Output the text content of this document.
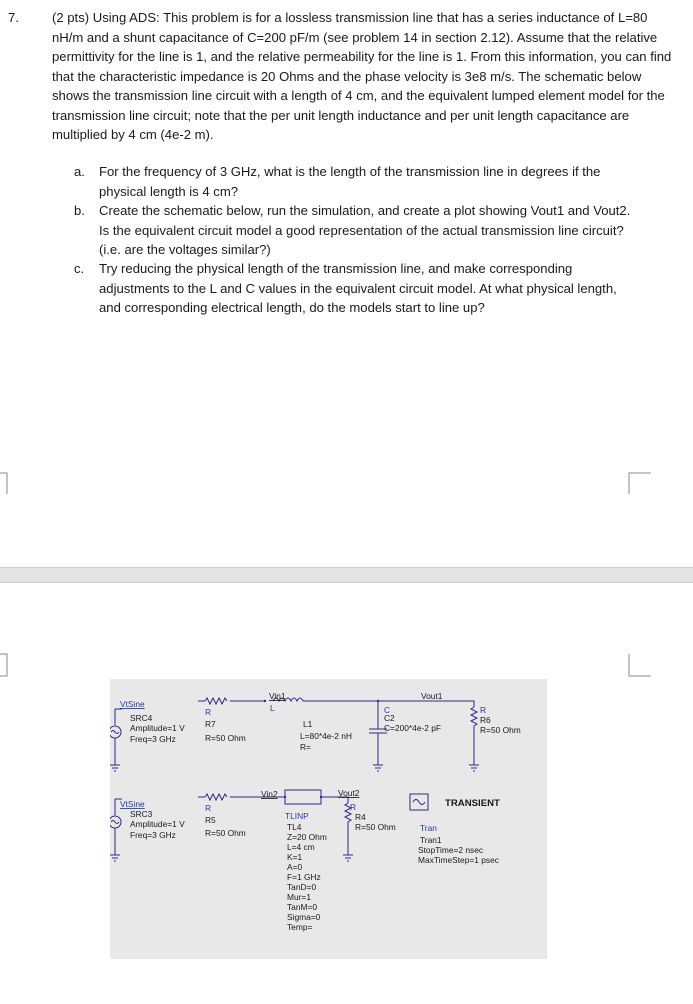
7.	(2 pts) Using ADS: This problem is for a lossless transmission line that has a series inductance of L=80 nH/m and a shunt capacitance of C=200 pF/m (see problem 14 in section 2.12). Assume that the relative permittivity for the line is 1, and the relative permeability for the line is 1. From this information, you can find that the characteristic impedance is 20 Ohms and the phase velocity is 3e8 m/s. The schematic below shows the transmission line circuit with a length of 4 cm, and the equivalent lumped element model for the transmission line circuit; note that the per unit length inductance and per unit length capacitance are multiplied by 4 cm (4e-2 m).
a. For the frequency of 3 GHz, what is the length of the transmission line in degrees if the physical length is 4 cm?
b. Create the schematic below, run the simulation, and create a plot showing Vout1 and Vout2. Is the equivalent circuit model a good representation of the actual transmission line circuit? (i.e. are the voltages similar?)
c. Try reducing the physical length of the transmission line, and make corresponding adjustments to the L and C values in the equivalent circuit model. At what physical length, and corresponding electrical length, do the models start to line up?
VtSine
R	L	C	R
VtSine	R
TLINP
R
Tran
SRC4
Amplitude=1 V
Freq=3 GHz
R7
R=50 Ohm
Vin1
L1
L=80*4e-2 nH
R=
C2
C=200*4e-2 pF
Vout1
R6
R=50 Ohm
SRC3
Amplitude=1 V
Freq=3 GHz
R5
R=50 Ohm
Vin2
TL4
Z=20 Ohm
L=4 cm
K=1
A=0
F=1 GHz
TanD=0
Mur=1
TanM=0
Sigma=0
Temp=
Vout2
R4
R=50 Ohm
TRANSIENT
Tran1
StopTime=2 nsec
MaxTimeStep=1 psec
